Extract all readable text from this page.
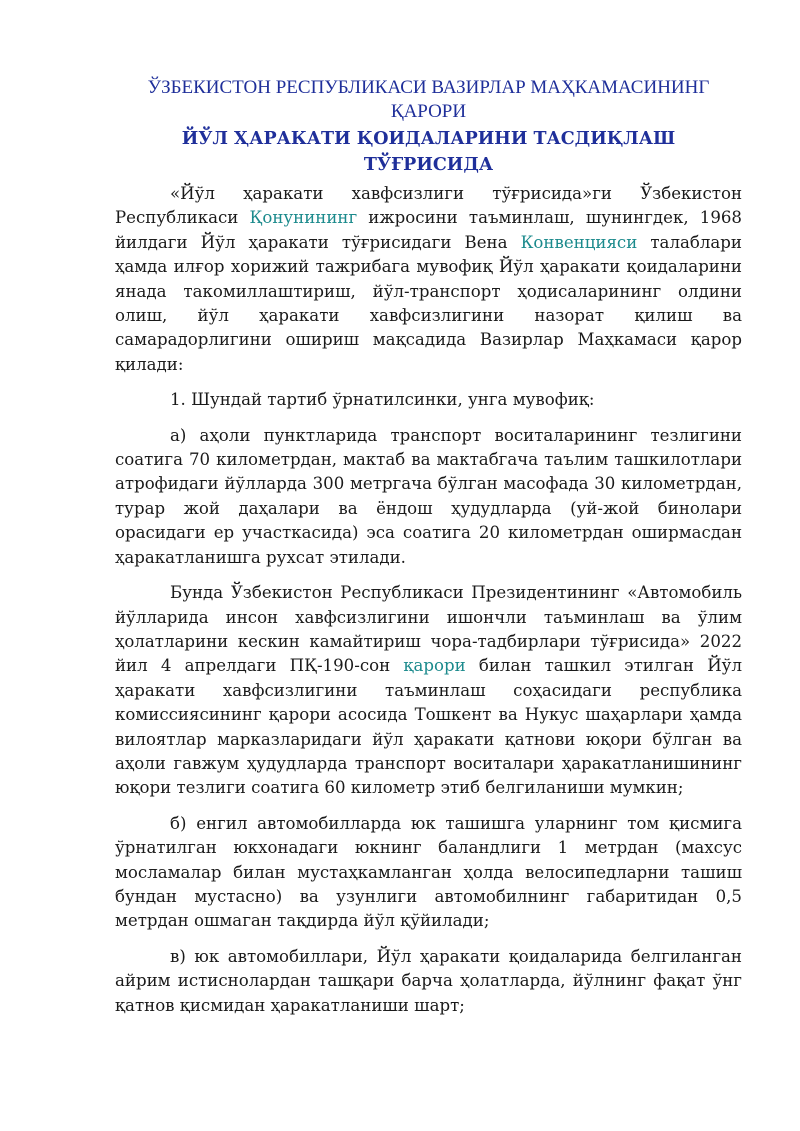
ЎЗБЕКИСТОН РЕСПУБЛИКАСИ ВАЗИРЛАР МАҲКАМАСИНИНГ

ҚАРОРИ

ЙЎЛ ҲАРАКАТИ ҚОИДАЛАРИНИ ТАСДИҚЛАШ ТЎҒРИСИДА

«Йўл ҳаракати хавфсизлиги тўғрисида»ги Ўзбекистон Республикаси Қонунининг ижросини таъминлаш, шунингдек, 1968 йилдаги Йўл ҳаракати тўғрисидаги Вена Конвенцияси талаблари ҳамда илғор хорижий тажрибага мувофиқ Йўл ҳаракати қоидаларини янада такомиллаштириш, йўл-транспорт ҳодисаларининг олдини олиш, йўл ҳаракати хавфсизлигини назорат қилиш ва самарадорлигини ошириш мақсадида Вазирлар Маҳкамаси қарор қилади:

1. Шундай тартиб ўрнатилсинки, унга мувофиқ:

а) аҳоли пунктларида транспорт воситаларининг тезлигини соатига 70 километрдан, мактаб ва мактабгача таълим ташкилотлари атрофидаги йўлларда 300 метргача бўлган масофада 30 километрдан, турар жой даҳалари ва ёндош ҳудудларда (уй-жой бинолари орасидаги ер участкасида) эса соатига 20 километрдан оширмасдан ҳаракатланишга рухсат этилади.

Бунда Ўзбекистон Республикаси Президентининг «Автомобиль йўлларида инсон хавфсизлигини ишончли таъминлаш ва ўлим ҳолатларини кескин камайтириш чора-тадбирлари тўғрисида» 2022 йил 4 апрелдаги ПҚ-190-сон қарори билан ташкил этилган Йўл ҳаракати хавфсизлигини таъминлаш соҳасидаги республика комиссиясининг қарори асосида Тошкент ва Нукус шаҳарлари ҳамда вилоятлар марказларидаги йўл ҳаракати қатнови юқори бўлган ва аҳоли гавжум ҳудудларда транспорт воситалари ҳаракатланишининг юқори тезлиги соатига 60 километр этиб белгиланиши мумкин;

б) енгил автомобилларда юк ташишга уларнинг том қисмига ўрнатилган юкхонадаги юкнинг баландлиги 1 метрдан (махсус мосламалар билан мустаҳкамланган ҳолда велосипедларни ташиш бундан мустасно) ва узунлиги автомобилнинг габаритидан 0,5 метрдан ошмаган тақдирда йўл қўйилади;

в) юк автомобиллари, Йўл ҳаракати қоидаларида белгиланган айрим истиснолардан ташқари барча ҳолатларда, йўлнинг фақат ўнг қатнов қисмидан ҳаракатланиши шарт;
